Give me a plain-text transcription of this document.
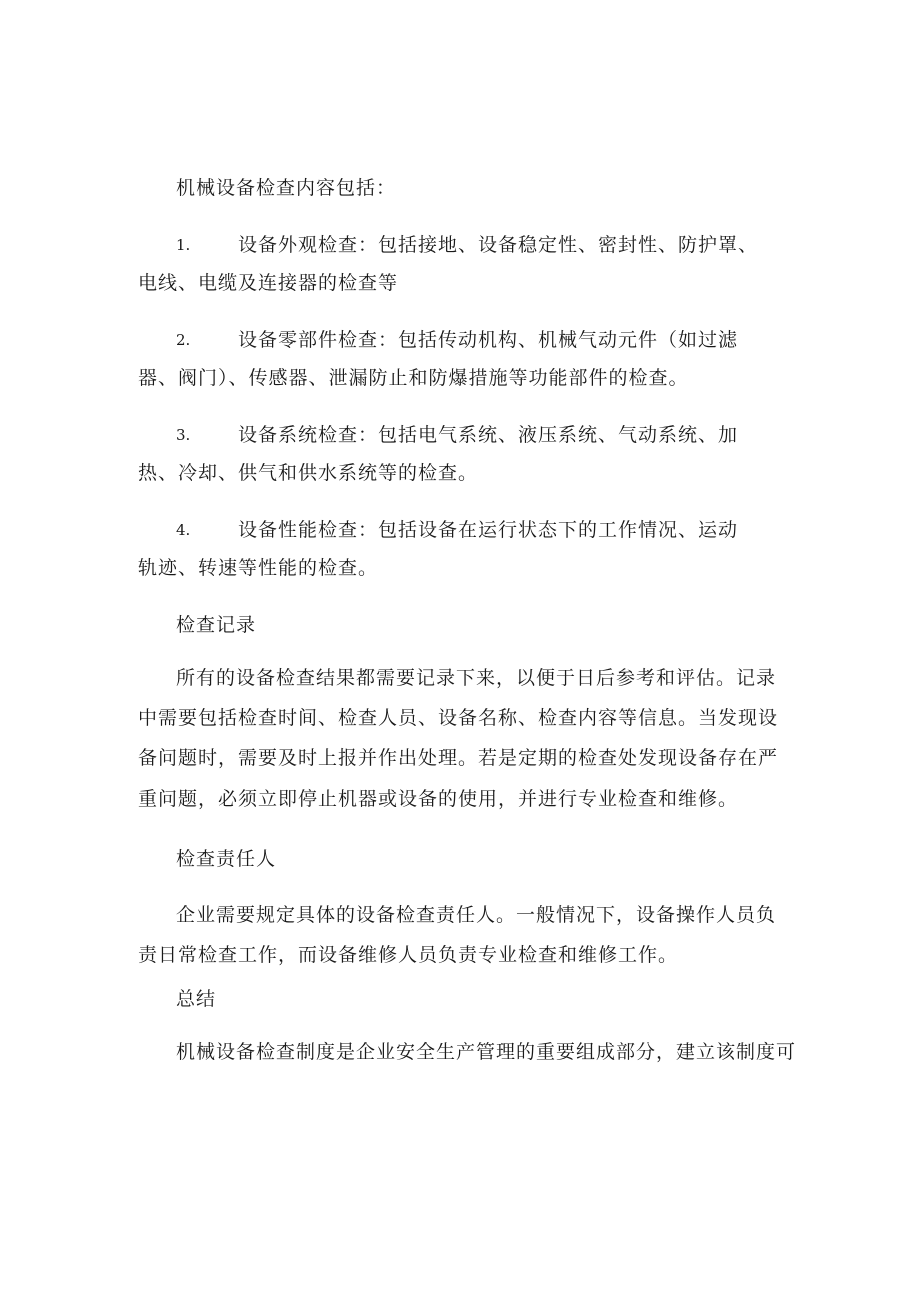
机械设备检查内容包括：

1.	设备外观检查：包括接地、设备稳定性、密封性、防护罩、

电线、电缆及连接器的检查等

2.	设备零部件检查：包括传动机构、机械气动元件（如过滤

器、阀门）、传感器、泄漏防止和防爆措施等功能部件的检查。

3.	设备系统检查：包括电气系统、液压系统、气动系统、加

热、冷却、供气和供水系统等的检查。

4.	设备性能检查：包括设备在运行状态下的工作情况、运动

轨迹、转速等性能的检查。

检查记录

所有的设备检查结果都需要记录下来，以便于日后参考和评估。记录

中需要包括检查时间、检查人员、设备名称、检查内容等信息。当发现设

备问题时，需要及时上报并作出处理。若是定期的检查处发现设备存在严

重问题，必须立即停止机器或设备的使用，并进行专业检查和维修。

检查责任人

企业需要规定具体的设备检查责任人。一般情况下，设备操作人员负

责日常检查工作，而设备维修人员负责专业检查和维修工作。

总结

机械设备检查制度是企业安全生产管理的重要组成部分，建立该制度可
